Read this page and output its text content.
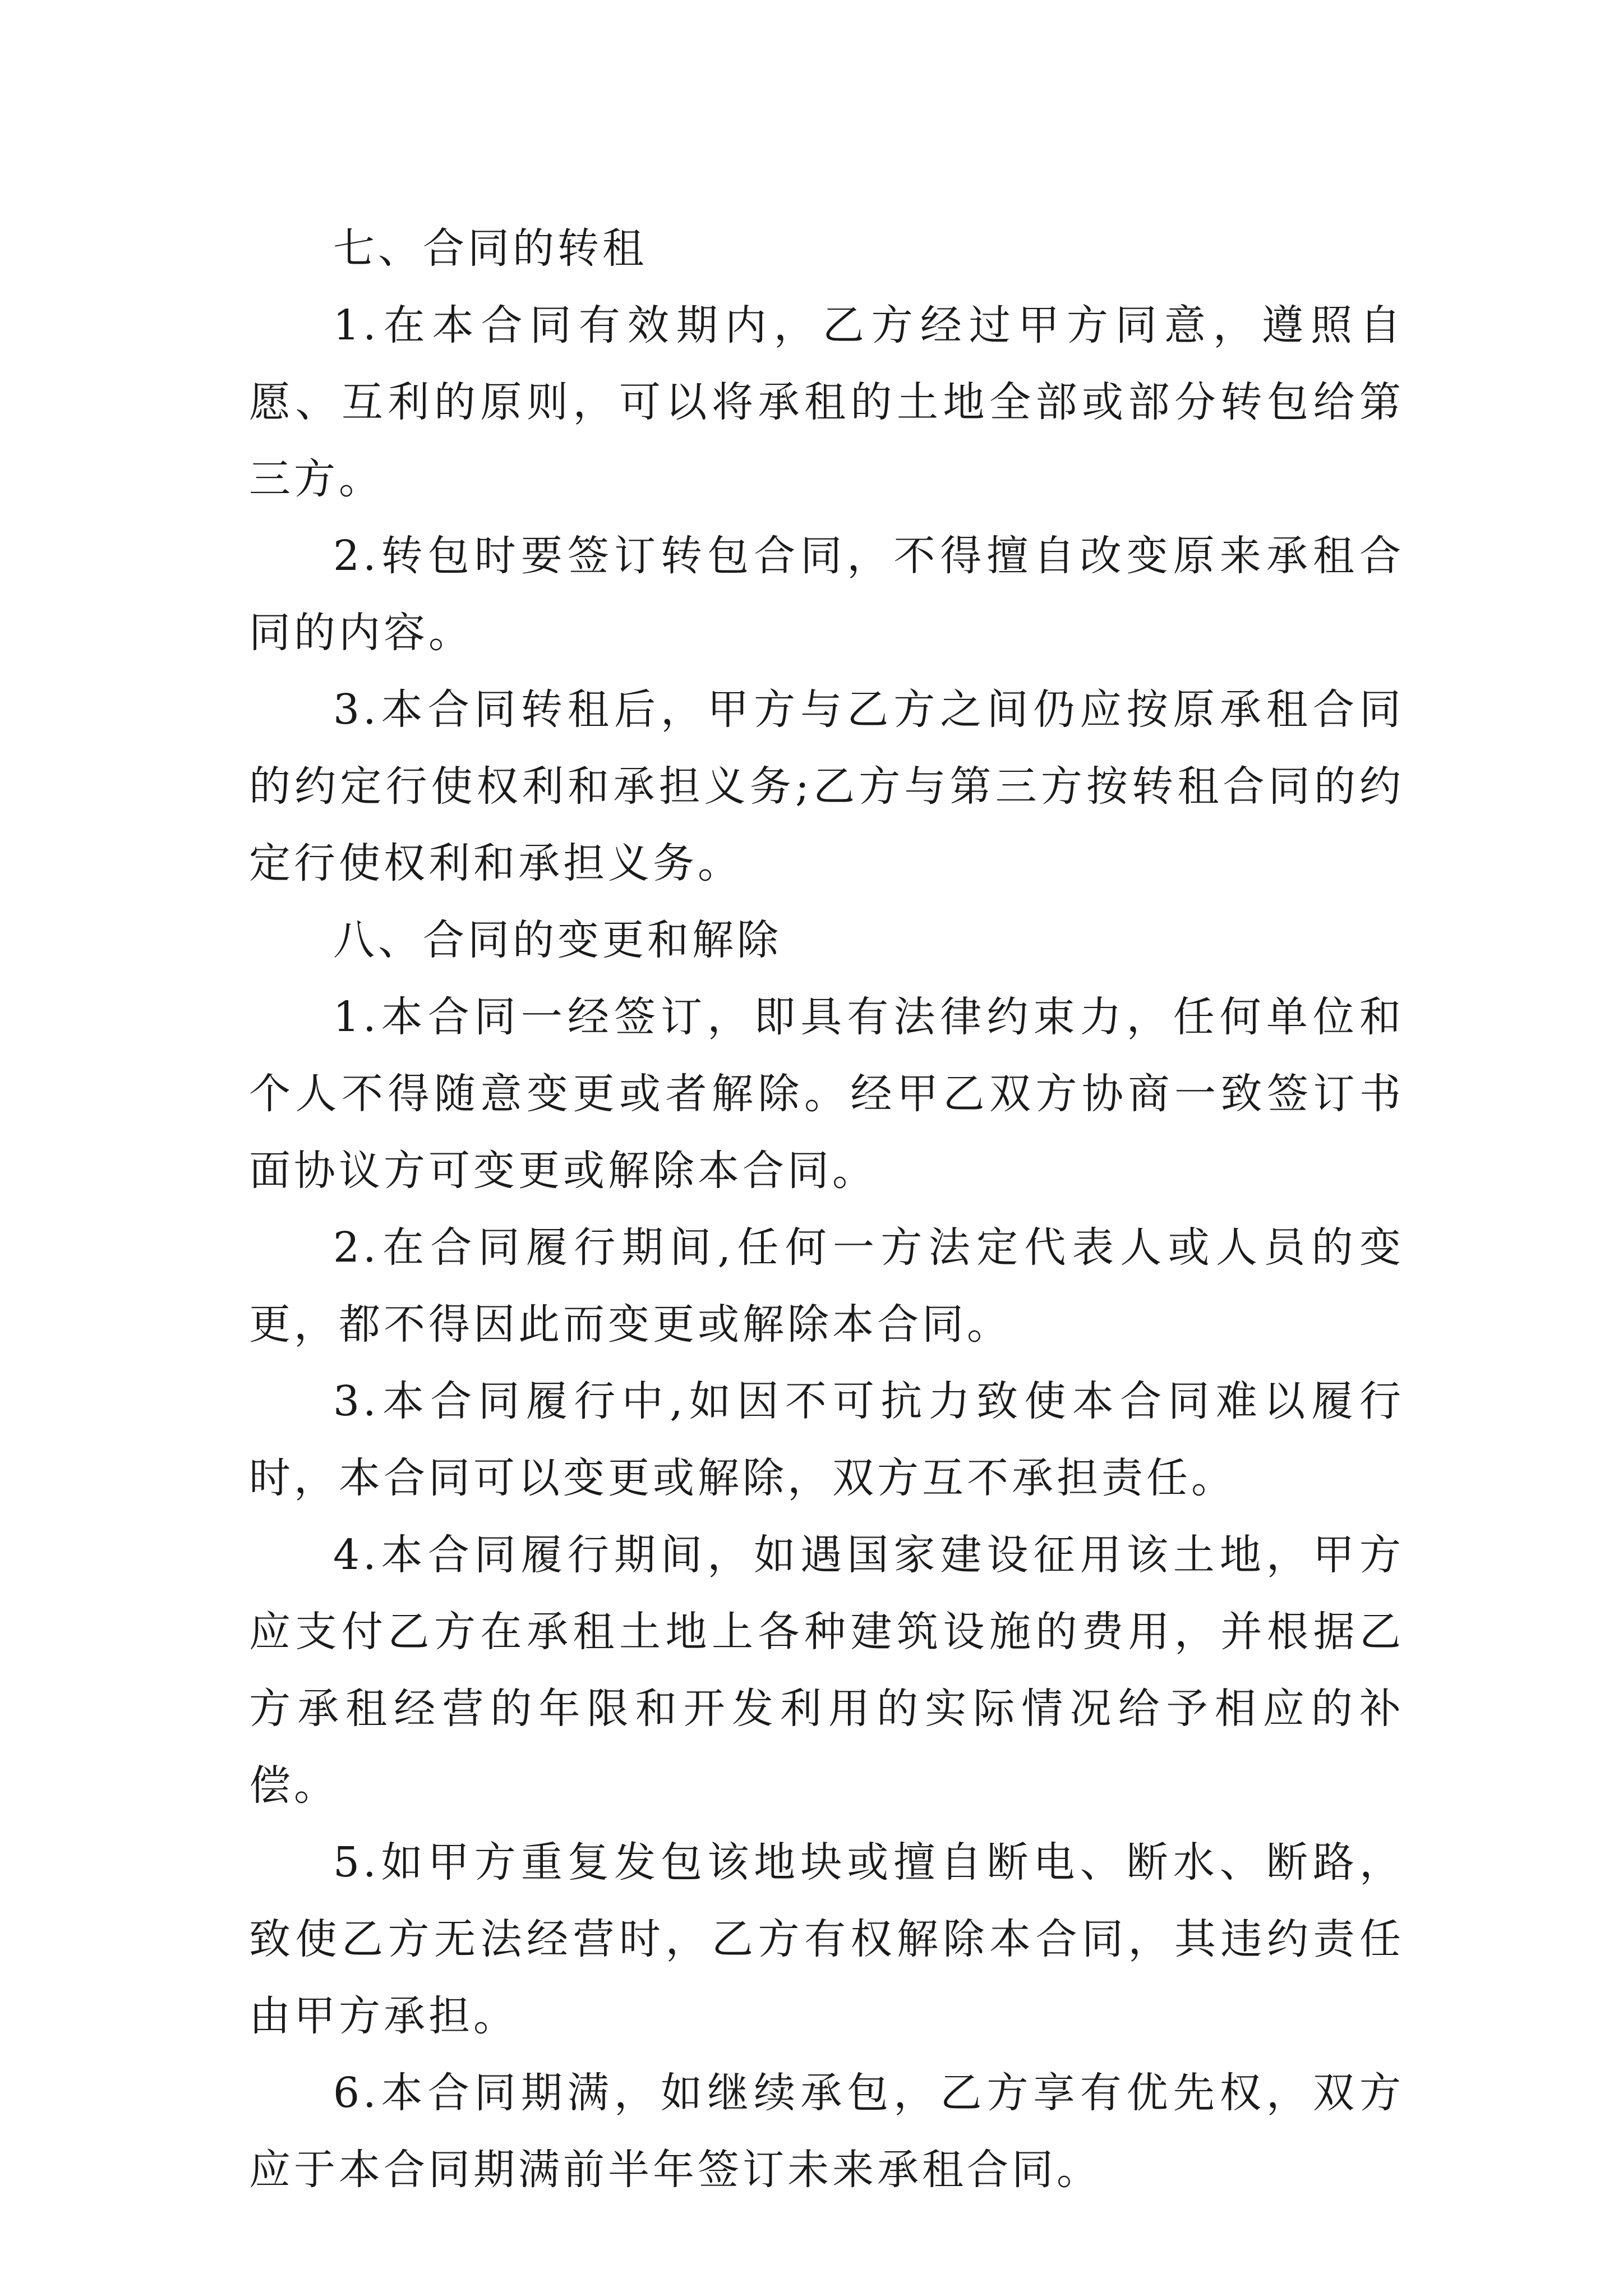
七、合同的转租

1.在本合同有效期内，乙方经过甲方同意，遵照自愿、互利的原则，可以将承租的土地全部或部分转包给第三方。

2.转包时要签订转包合同，不得擅自改变原来承租合同的内容。

3.本合同转租后，甲方与乙方之间仍应按原承租合同的约定行使权利和承担义务;乙方与第三方按转租合同的约定行使权利和承担义务。

八、合同的变更和解除

1.本合同一经签订，即具有法律约束力，任何单位和个人不得随意变更或者解除。经甲乙双方协商一致签订书面协议方可变更或解除本合同。

2.在合同履行期间,任何一方法定代表人或人员的变更，都不得因此而变更或解除本合同。

3.本合同履行中,如因不可抗力致使本合同难以履行时，本合同可以变更或解除，双方互不承担责任。

4.本合同履行期间，如遇国家建设征用该土地，甲方应支付乙方在承租土地上各种建筑设施的费用，并根据乙方承租经营的年限和开发利用的实际情况给予相应的补偿。

5.如甲方重复发包该地块或擅自断电、断水、断路，致使乙方无法经营时，乙方有权解除本合同，其违约责任由甲方承担。

6.本合同期满，如继续承包，乙方享有优先权，双方应于本合同期满前半年签订未来承租合同。
